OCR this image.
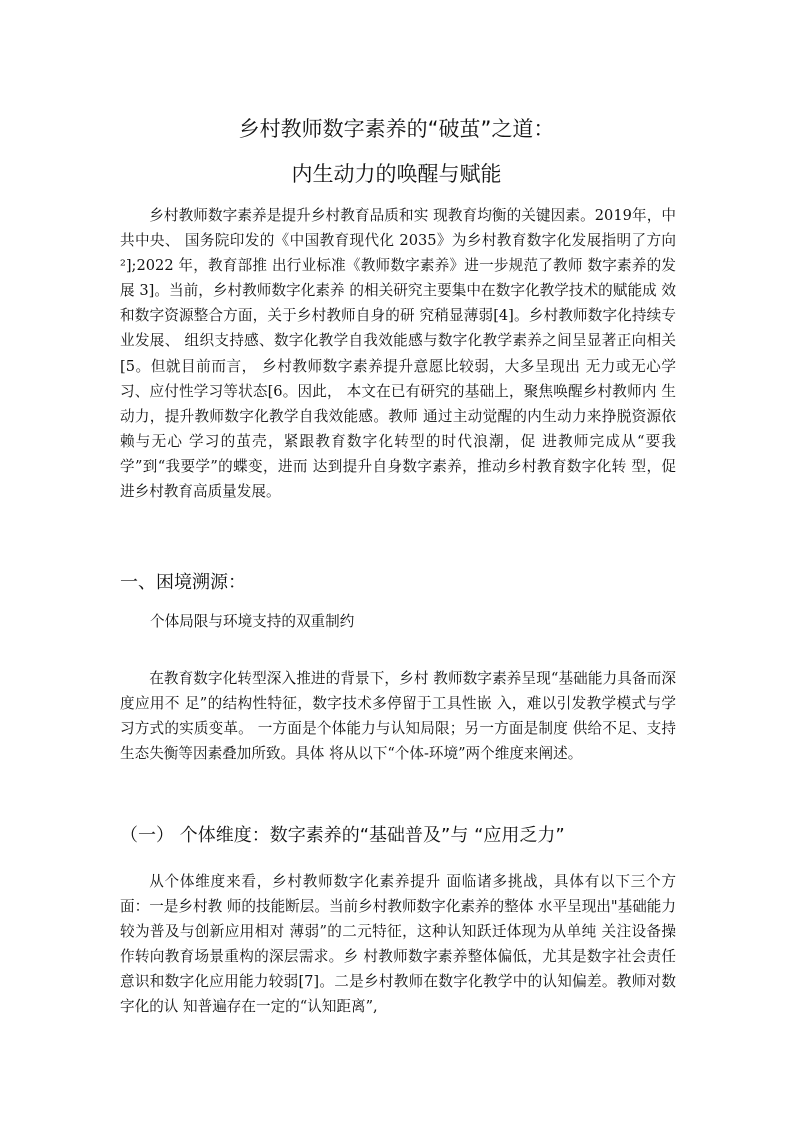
乡村教师数字素养的“破茧”之道：
内生动力的唤醒与赋能

乡村教师数字素养是提升乡村教育品质和实 现教育均衡的关键因素。2019年，中共中央、 国务院印发的《中国教育现代化 2035》为乡村教育数字化发展指明了方向²];2022 年，教育部推 出行业标准《教师数字素养》进一步规范了教师 数字素养的发展 3]。当前，乡村教师数字化素养 的相关研究主要集中在数字化教学技术的赋能成 效和数字资源整合方面，关于乡村教师自身的研 究稍显薄弱[4]。乡村教师数字化持续专业发展、 组织支持感、数字化教学自我效能感与数字化教学素养之间呈显著正向相关[5。但就目前而言， 乡村教师数字素养提升意愿比较弱，大多呈现出 无力或无心学习、应付性学习等状态[6。因此， 本文在已有研究的基础上，聚焦唤醒乡村教师内 生动力，提升教师数字化教学自我效能感。教师 通过主动觉醒的内生动力来挣脱资源依赖与无心 学习的茧壳，紧跟教育数字化转型的时代浪潮，促 进教师完成从“要我学”到“我要学”的蝶变，进而 达到提升自身数字素养，推动乡村教育数字化转 型，促进乡村教育高质量发展。

一、困境溯源：
个体局限与环境支持的双重制约

在教育数字化转型深入推进的背景下，乡村 教师数字素养呈现“基础能力具备而深度应用不 足”的结构性特征，数字技术多停留于工具性嵌 入，难以引发教学模式与学习方式的实质变革。 一方面是个体能力与认知局限；另一方面是制度 供给不足、支持生态失衡等因素叠加所致。具体 将从以下“个体-环境”两个维度来阐述。

（一） 个体维度：数字素养的“基础普及”与 “应用乏力”

从个体维度来看，乡村教师数字化素养提升 面临诸多挑战，具体有以下三个方面：一是乡村教 师的技能断层。当前乡村教师数字化素养的整体 水平呈现出"基础能力较为普及与创新应用相对 薄弱”的二元特征，这种认知跃迁体现为从单纯 关注设备操作转向教育场景重构的深层需求。乡 村教师数字素养整体偏低，尤其是数字社会责任 意识和数字化应用能力较弱[7]。二是乡村教师在数字化教学中的认知偏差。教师对数字化的认 知普遍存在一定的“认知距离”,
